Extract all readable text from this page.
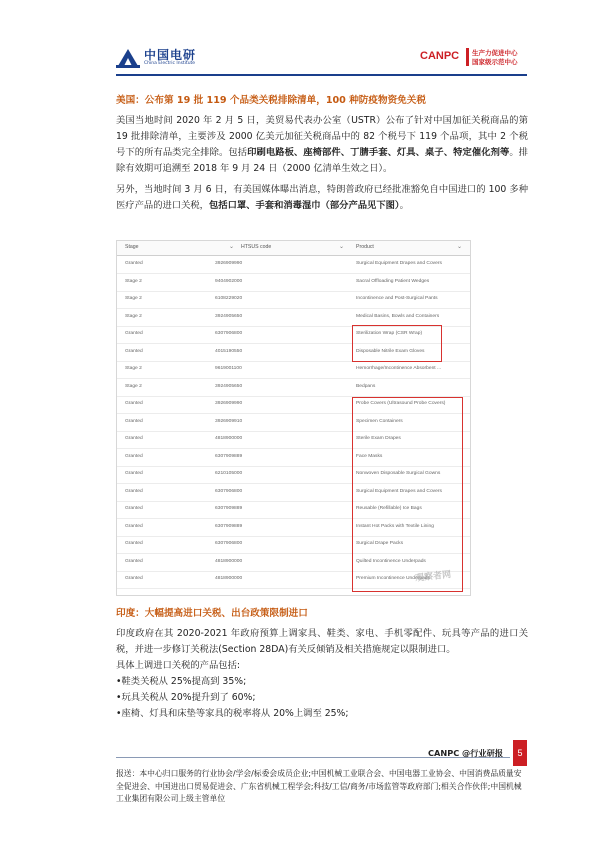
中国电研
China Electric Institute
CANPC 生产力促进中心
国家级示范中心
美国：公布第 19 批 119 个品类关税排除清单，100 种防疫物资免关税

美国当地时间 2020 年 2 月 5 日，美贸易代表办公室（USTR）公布了针对中国加征关税商品的第 19 批排除清单，主要涉及 2000 亿美元加征关税商品中的 82 个税号下 119 个品项，其中 2 个税号下的所有品类完全排除。包括印刷电路板、座椅部件、丁腈手套、灯具、桌子、特定催化剂等。排除有效期可追溯至 2018 年 9 月 24 日（2000 亿清单生效之日）。

另外，当地时间 3 月 6 日，有美国媒体曝出消息，特朗普政府已经批准豁免自中国进口的 100 多种医疗产品的进口关税，包括口罩、手套和消毒湿巾（部分产品见下图）。

Stage	⌄ HTSUS code	⌄ Product	⌄
Granted	3926909990	Surgical Equipment Drapes and Covers
Stage 2	9404902000	Sacral Offloading Patient Wedges
Stage 2	6108229020	Incontinence and Post-Surgical Pants
Stage 2	3924905650	Medical Basins, Bowls and Containers
Granted	6307906800	Sterilization Wrap (CSR Wrap)
Granted	4015190550	Disposable Nitrile Exam Gloves
Stage 2	9619001100	Hemorrhage/Incontinence Absorbent ...
Stage 2	3924905650	Bedpans
Granted	3926909990	Probe Covers (Ultrasound Probe Covers)
Granted	3926909910	Specimen Containers
Granted	4818900000	Sterile Exam Drapes
Granted	6307909889	Face Masks
Granted	6210105000	Nonwoven Disposable Surgical Gowns
Granted	6307906800	Surgical Equipment Drapes and Covers
Granted	6307909889	Reusable (Refillable) Ice Bags
Granted	6307909889	Instant Hot Packs with Textile Lining
Granted	6307906800	Surgical Drape Packs
Granted	4818900000	Quilted Incontinence Underpads
Granted	4818900000	Premium Incontinence Underpads
观察者网
印度：大幅提高进口关税、出台政策限制进口

印度政府在其 2020-2021 年政府预算上调家具、鞋类、家电、手机零配件、玩具等产品的进口关税，并进一步修订关税法(Section 28DA)有关反倾销及相关措施规定以限制进口。

具体上调进口关税的产品包括:

•鞋类关税从 25%提高到 35%;
•玩具关税从 20%提升到了 60%;
•座椅、灯具和床垫等家具的税率将从 20%上调至 25%;
CANPC @行业研报	5
报送：本中心归口服务的行业协会/学会/标委会成员企业;中国机械工业联合会、中国电器工业协会、中国消费品质量安全促进会、中国进出口贸易促进会、广东省机械工程学会;科技/工信/商务/市场监管等政府部门;相关合作伙伴;中国机械工业集团有限公司上级主管单位
